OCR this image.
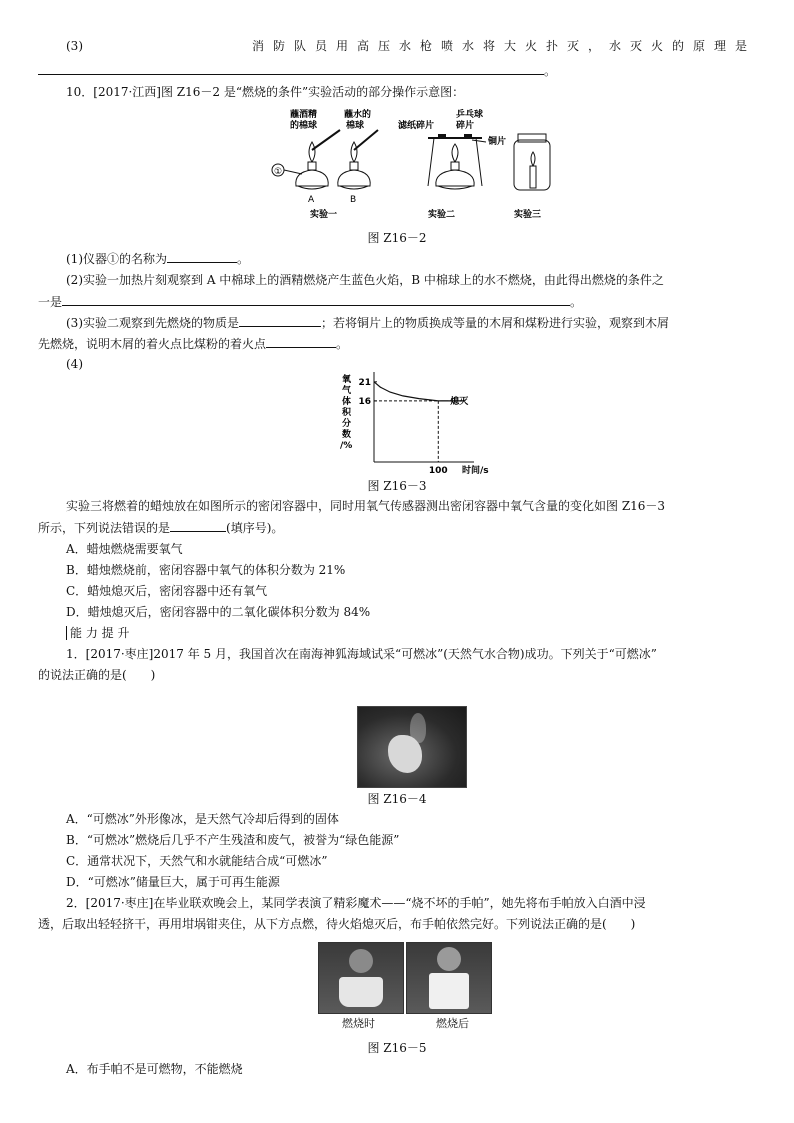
(3)	消防队员用高压水枪喷水将大火扑灭，水灭火的原理是
。
10．[2017·江西]图 Z16－2 是“燃烧的条件”实验活动的部分操作示意图：
蘸酒精
的棉球
蘸水的
棉球
①
A	B
实验一
滤纸碎片
乒乓球
碎片
铜片
实验二	实验三
图 Z16－2
(1)仪器①的名称为	。
(2)实验一加热片刻观察到 A 中棉球上的酒精燃烧产生蓝色火焰，B 中棉球上的水不燃烧，由此得出燃烧的条件之
一是	。
(3)实验二观察到先燃烧的物质是	；若将铜片上的物质换成等量的木屑和煤粉进行实验，观察到木屑
先燃烧，说明木屑的着火点比煤粉的着火点	。
(4)
氧气体积分数/%
21
16
100 时间/s
熄灭
图 Z16－3
实验三将燃着的蜡烛放在如图所示的密闭容器中，同时用氧气传感器测出密闭容器中氧气含量的变化如图 Z16－3
所示，下列说法错误的是	(填序号)。
A．蜡烛燃烧需要氧气
B．蜡烛燃烧前，密闭容器中氧气的体积分数为 21%
C．蜡烛熄灭后，密闭容器中还有氧气
D．蜡烛熄灭后，密闭容器中的二氧化碳体积分数为 84%
能 力 提 升
1．[2017·枣庄]2017 年 5 月，我国首次在南海神狐海域试采“可燃冰”(天然气水合物)成功。下列关于“可燃冰”
的说法正确的是(　　)
图 Z16－4
A．“可燃冰”外形像冰，是天然气冷却后得到的固体
B．“可燃冰”燃烧后几乎不产生残渣和废气，被誉为“绿色能源”
C．通常状况下，天然气和水就能结合成“可燃冰”
D．“可燃冰”储量巨大，属于可再生能源
2．[2017·枣庄]在毕业联欢晚会上，某同学表演了精彩魔术——“烧不坏的手帕”，她先将布手帕放入白酒中浸
透，后取出轻轻挤干，再用坩埚钳夹住，从下方点燃，待火焰熄灭后，布手帕依然完好。下列说法正确的是(　　)
燃烧时	燃烧后
图 Z16－5
A．布手帕不是可燃物，不能燃烧
